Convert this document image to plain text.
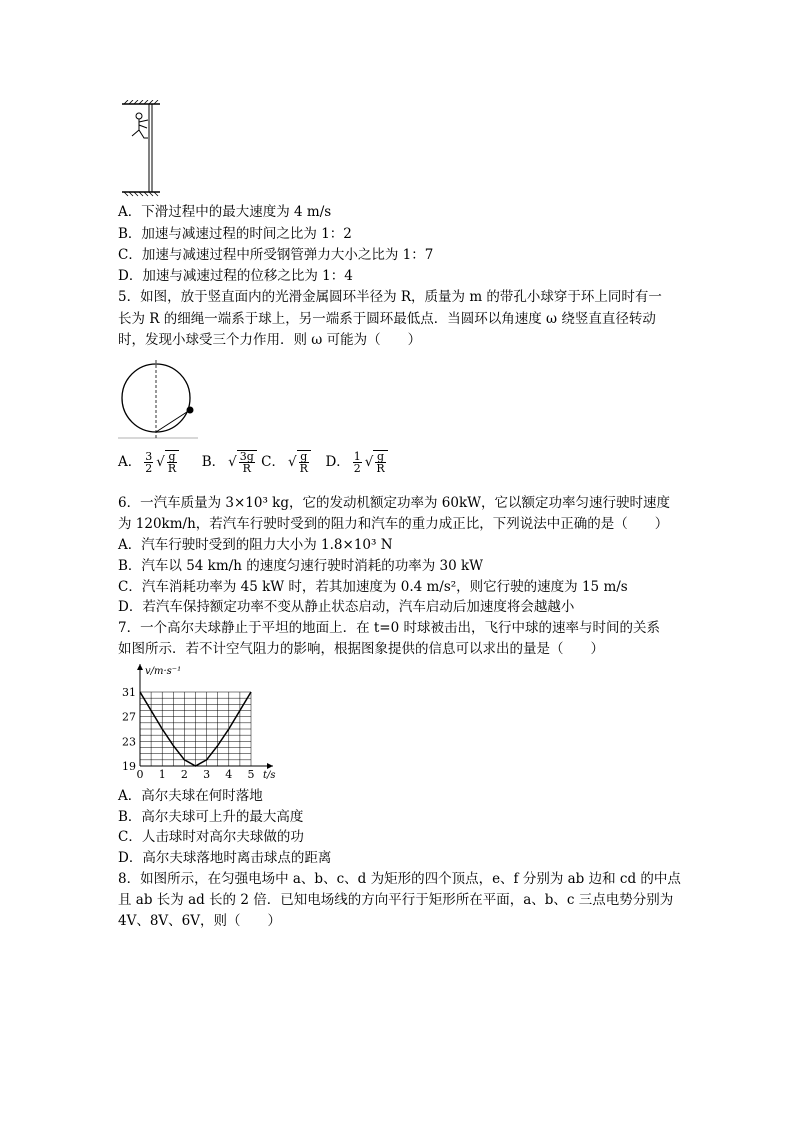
A．下滑过程中的最大速度为 4 m/s
B．加速与减速过程的时间之比为 1：2
C．加速与减速过程中所受钢管弹力大小之比为 1：7
D．加速与减速过程的位移之比为 1：4
5．如图，放于竖直面内的光滑金属圆环半径为 R，质量为 m 的带孔小球穿于环上同时有一
长为 R 的细绳一端系于球上，另一端系于圆环最低点．当圆环以角速度 ω 绕竖直直径转动
时，发现小球受三个力作用．则 ω 可能为（　　）
A． $\frac{3}{2}$ √ $\frac{g}{R}$
B． √ $\frac{3g}{R}$
C． √ $\frac{g}{R}$
D． $\frac{1}{2}$ √ $\frac{g}{R}$
6．一汽车质量为 3×10³ kg，它的发动机额定功率为 60kW，它以额定功率匀速行驶时速度
为 120km/h，若汽车行驶时受到的阻力和汽车的重力成正比，下列说法中正确的是（　　）
A．汽车行驶时受到的阻力大小为 1.8×10³ N
B．汽车以 54 km/h 的速度匀速行驶时消耗的功率为 30 kW
C．汽车消耗功率为 45 kW 时，若其加速度为 0.4 m/s²，则它行驶的速度为 15 m/s
D．若汽车保持额定功率不变从静止状态启动，汽车启动后加速度将会越越小
7．一个高尔夫球静止于平坦的地面上．在 t=0 时球被击出，飞行中球的速率与时间的关系
如图所示．若不计空气阻力的影响，根据图象提供的信息可以求出的量是（　　）
v/m·s⁻¹
t/s
0 1 2 3 4 5
19
23
27
31
A．高尔夫球在何时落地
B．高尔夫球可上升的最大高度
C．人击球时对高尔夫球做的功
D．高尔夫球落地时离击球点的距离
8．如图所示，在匀强电场中 a、b、c、d 为矩形的四个顶点，e、f 分别为 ab 边和 cd 的中点
且 ab 长为 ad 长的 2 倍．已知电场线的方向平行于矩形所在平面，a、b、c 三点电势分别为
4V、8V、6V，则（　　）
